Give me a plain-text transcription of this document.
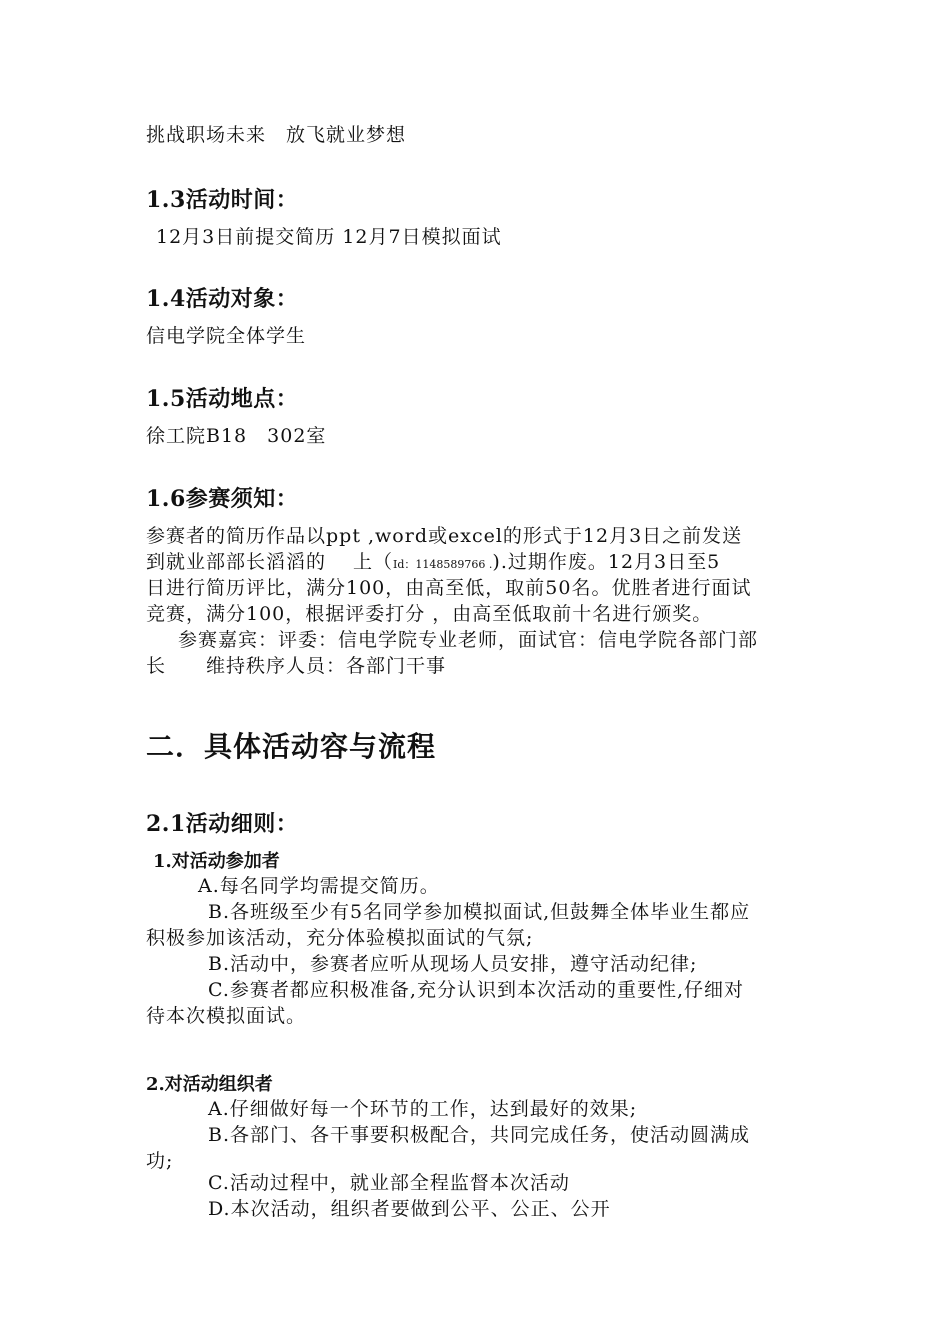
挑战职场未来　放飞就业梦想
1.3活动时间：
12月3日前提交简历 12月7日模拟面试
1.4活动对象：
信电学院全体学生
1.5活动地点：
徐工院B18　302室
1.6参赛须知：
参赛者的简历作品以ppt ,word或excel的形式于12月3日之前发送
到就业部部长滔滔的　 上（Id：1148589766 .).过期作废。12月3日至5
日进行简历评比，满分100，由高至低，取前50名。优胜者进行面试
竞赛，满分100，根据评委打分 ，由高至低取前十名进行颁奖。
参赛嘉宾：评委：信电学院专业老师，面试官：信电学院各部门部
长　　维持秩序人员：各部门干事
二．具体活动容与流程
2.1活动细则：
1.对活动参加者
A.每名同学均需提交简历。
B.各班级至少有5名同学参加模拟面试,但鼓舞全体毕业生都应
积极参加该活动，充分体验模拟面试的气氛;
B.活动中，参赛者应听从现场人员安排，遵守活动纪律;
C.参赛者都应积极准备,充分认识到本次活动的重要性,仔细对
待本次模拟面试。
2.对活动组织者
A.仔细做好每一个环节的工作，达到最好的效果;
B.各部门、各干事要积极配合，共同完成任务，使活动圆满成
功;
C.活动过程中，就业部全程监督本次活动
D.本次活动，组织者要做到公平、公正、公开
